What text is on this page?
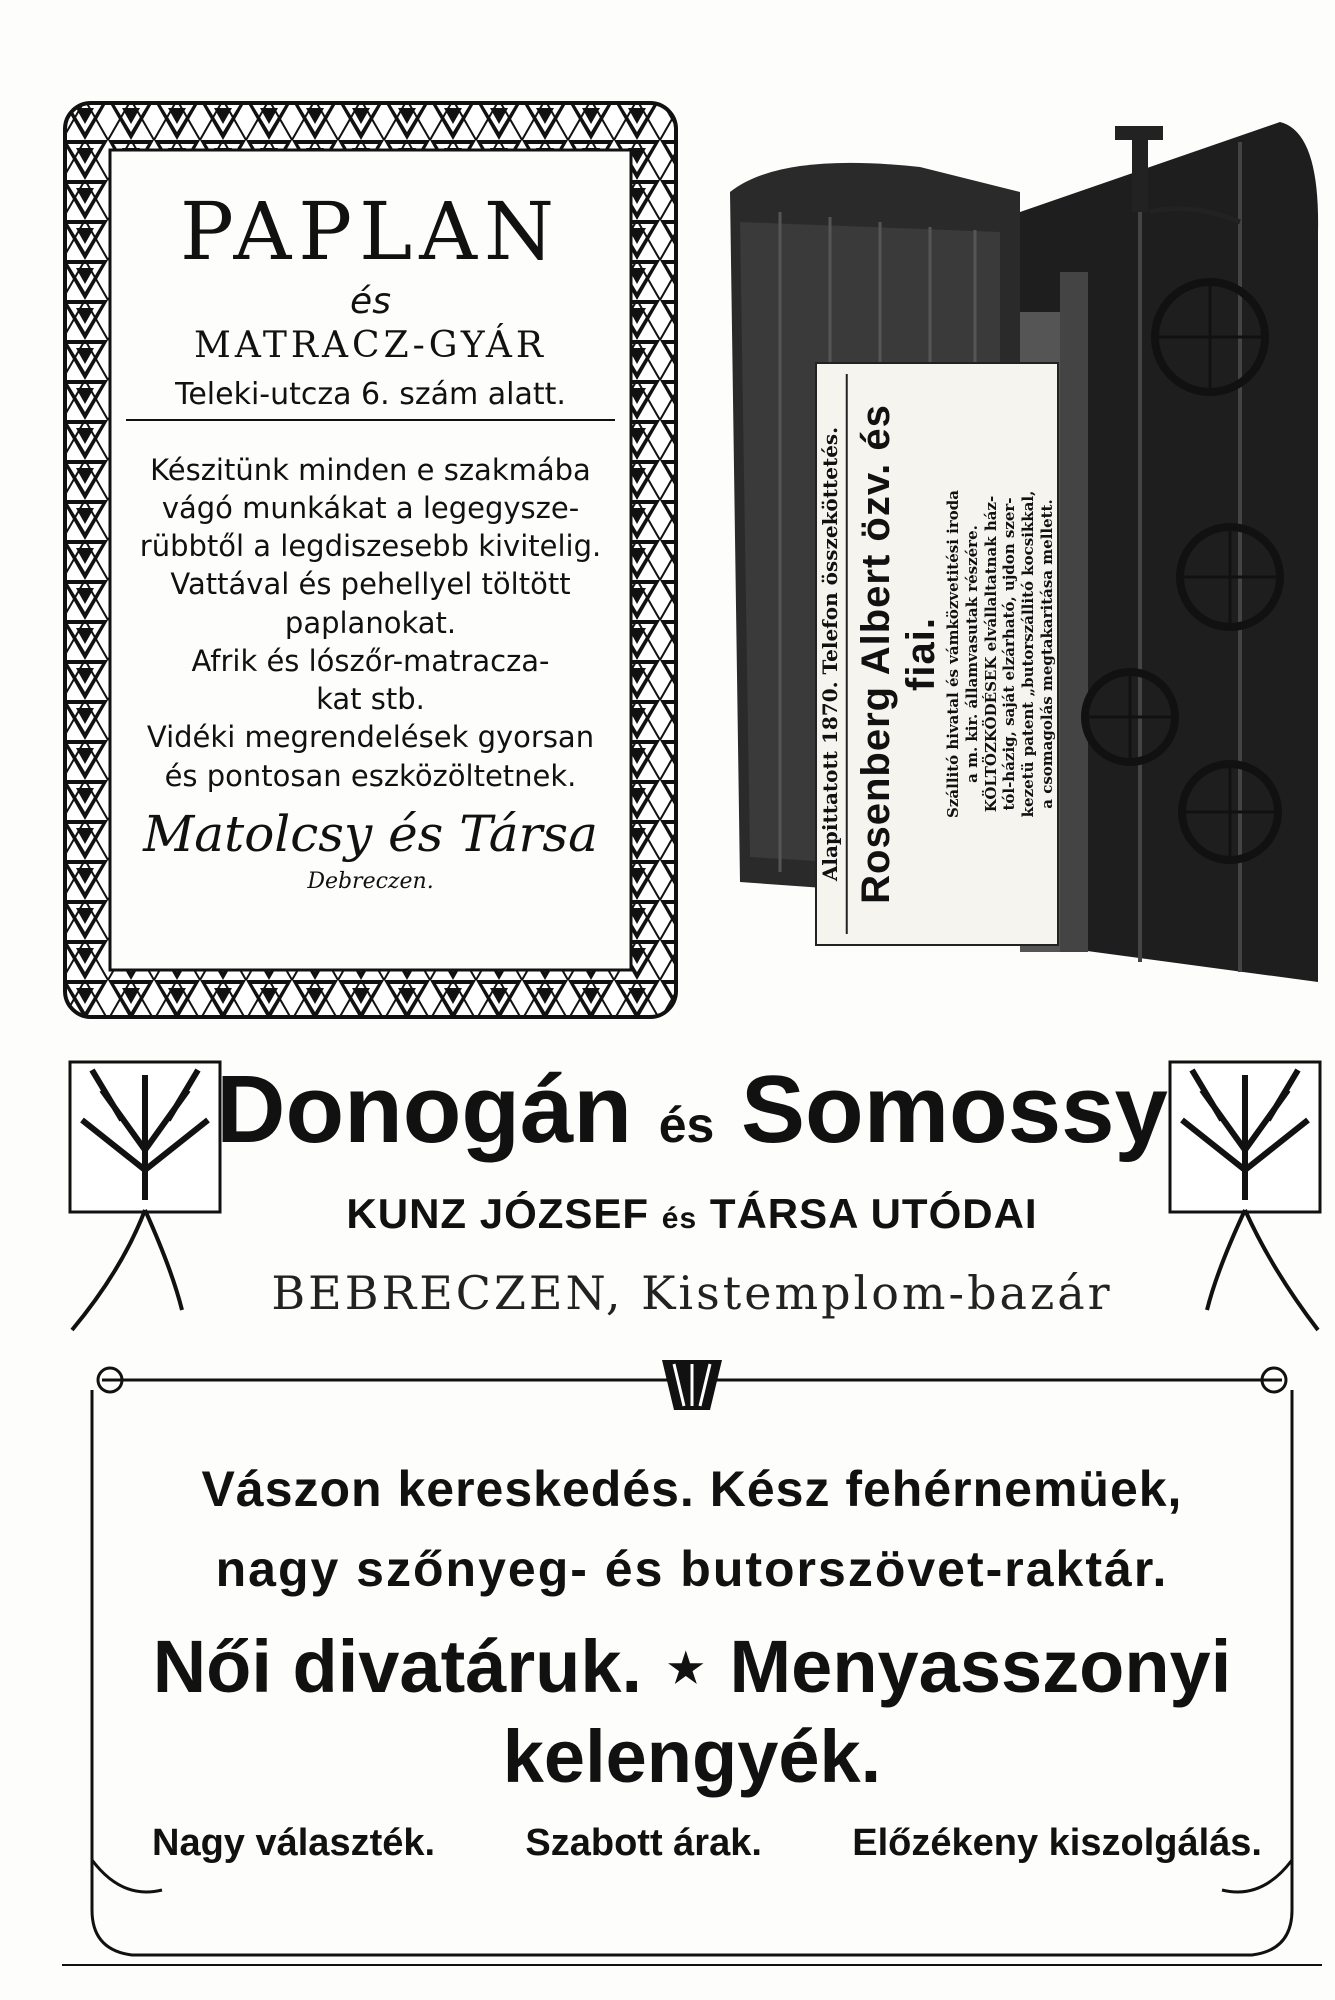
PAPLAN
és
MATRACZ-GYÁR
Teleki-utcza 6. szám alatt.
Készitünk minden e szakmába
vágó munkákat a legegysze-
rübbtől a legdiszesebb kivitelig.
Vattával és pehellyel töltött
paplanokat.
Afrik és lószőr-matracza-
kat stb.
Vidéki megrendelések gyorsan
és pontosan eszközöltetnek.
Matolcsy és Társa
Debreczen.
Alapittatott 1870. Telefon összeköttetés. Rosenberg Albert özv. és fiai. Szállitó hivatal és vámközvetitési iroda a m. kir. államvasutak részére. KÖLTÖZKÖDÉSEK elvállaltatnak ház- tól-házig, saját elzárható, ujdon szer- kezetü patent „butorszállitó kocsikkal, a csomagolás megtakaritása mellett.
Donogán és Somossy
KUNZ JÓZSEF és TÁRSA UTÓDAI
BEBRECZEN, Kistemplom-bazár
Vászon kereskedés. Kész fehérnemüek,
nagy szőnyeg- és butorszövet-raktár.
Női divatáruk. ⋆ Menyasszonyi
kelengyék.
Nagy választék. Szabott árak. Előzékeny kiszolgálás.
